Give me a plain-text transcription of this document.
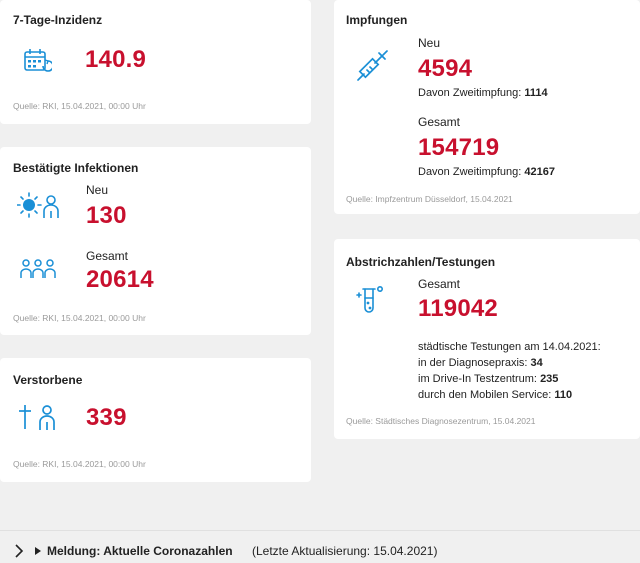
7-Tage-Inzidenz
140.9
Quelle: RKI, 15.04.2021, 00:00 Uhr
Bestätigte Infektionen
Neu
130
Gesamt
20614
Quelle: RKI, 15.04.2021, 00:00 Uhr
Verstorbene
339
Quelle: RKI, 15.04.2021, 00:00 Uhr
Impfungen
Neu
4594
Davon Zweitimpfung: 1114
Gesamt
154719
Davon Zweitimpfung: 42167
Quelle: Impfzentrum Düsseldorf, 15.04.2021
Abstrichzahlen/Testungen
Gesamt
119042
städtische Testungen am 14.04.2021:
in der Diagnosepraxis: 34
im Drive-In Testzentrum: 235
durch den Mobilen Service: 110
Quelle: Städtisches Diagnosezentrum, 15.04.2021
Meldung: Aktuelle Coronazahlen (Letzte Aktualisierung: 15.04.2021)
